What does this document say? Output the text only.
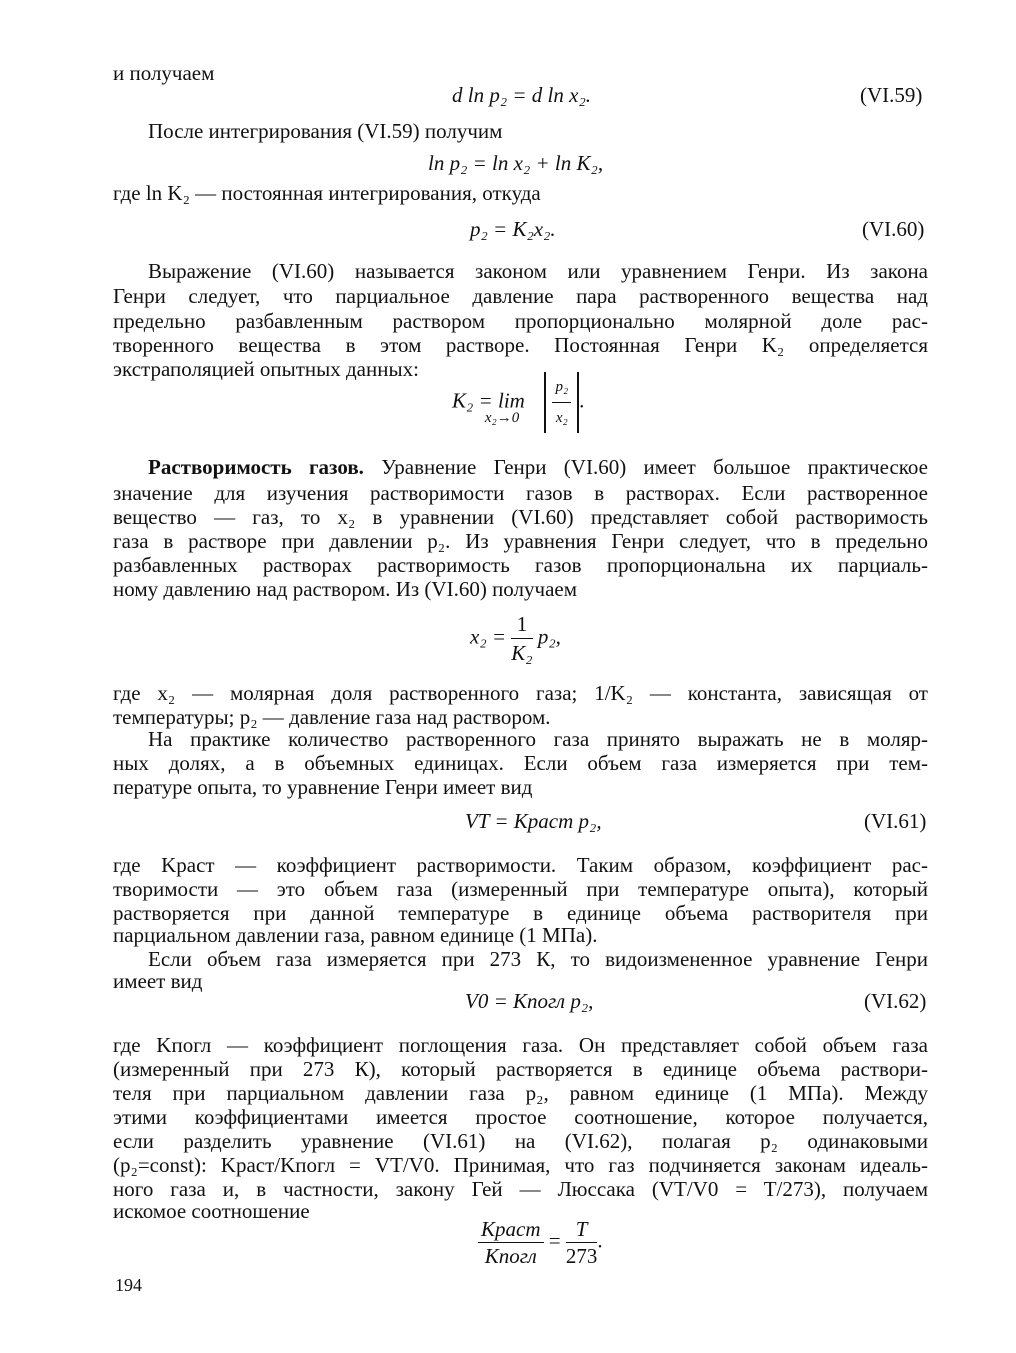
и получаем

d ln p₂ = d ln x₂.	(VI.59)

После интегрирования (VI.59) получим

ln p₂ = ln x₂ + ln K₂,

где ln K₂ — постоянная интегрирования, откуда

p₂ = K₂x₂.	(VI.60)

Выражение (VI.60) называется законом или уравнением Генри. Из закона

Генри следует, что парциальное давление пара растворенного вещества над

предельно разбавленным раствором пропорционально молярной доле рас-

творенного вещества в этом растворе. Постоянная Генри K₂ определяется

экстраполяцией опытных данных:

K₂ = lim
x₂→0
$\frac{\text{p₂}}{\text{x₂}}$ .

Растворимость газов. Уравнение Генри (VI.60) имеет большое практическое

значение для изучения растворимости газов в растворах. Если растворенное

вещество — газ, то x₂ в уравнении (VI.60) представляет собой растворимость

газа в растворе при давлении p₂. Из уравнения Генри следует, что в предельно

разбавленных растворах растворимость газов пропорциональна их парциаль-

ному давлению над раствором. Из (VI.60) получаем

$x_2 = \frac{1}{\text{K₂}} p_2$,

где x₂ — молярная доля растворенного газа; 1/K₂ — константа, зависящая от

температуры; p₂ — давление газа над раствором.

На практике количество растворенного газа принято выражать не в моляр-

ных долях, а в объемных единицах. Если объем газа измеряется при тем-

пературе опыта, то уравнение Генри имеет вид

VT = Kраст p₂,	(VI.61)

где Kраст — коэффициент растворимости. Таким образом, коэффициент рас-

творимости — это объем газа (измеренный при температуре опыта), который

растворяется при данной температуре в единице объема растворителя при

парциальном давлении газа, равном единице (1 МПа).

Если объем газа измеряется при 273 К, то видоизмененное уравнение Генри

имеет вид

V0 = Kпогл p₂,	(VI.62)

где Kпогл — коэффициент поглощения газа. Он представляет собой объем газа

(измеренный при 273 К), который растворяется в единице объема раствори-

теля при парциальном давлении газа p₂, равном единице (1 МПа). Между

этими коэффициентами имеется простое соотношение, которое получается,

если разделить уравнение (VI.61) на (VI.62), полагая p₂ одинаковыми

(p₂=const): Kраст/Kпогл = VT/V0. Принимая, что газ подчиняется законам идеаль-

ного газа и, в частности, закону Гей — Люссака (VT/V0 = T/273), получаем

искомое соотношение

$\frac{\text{Kраст}}{\text{Kпогл}} = \frac{T}{273}$ .
194
